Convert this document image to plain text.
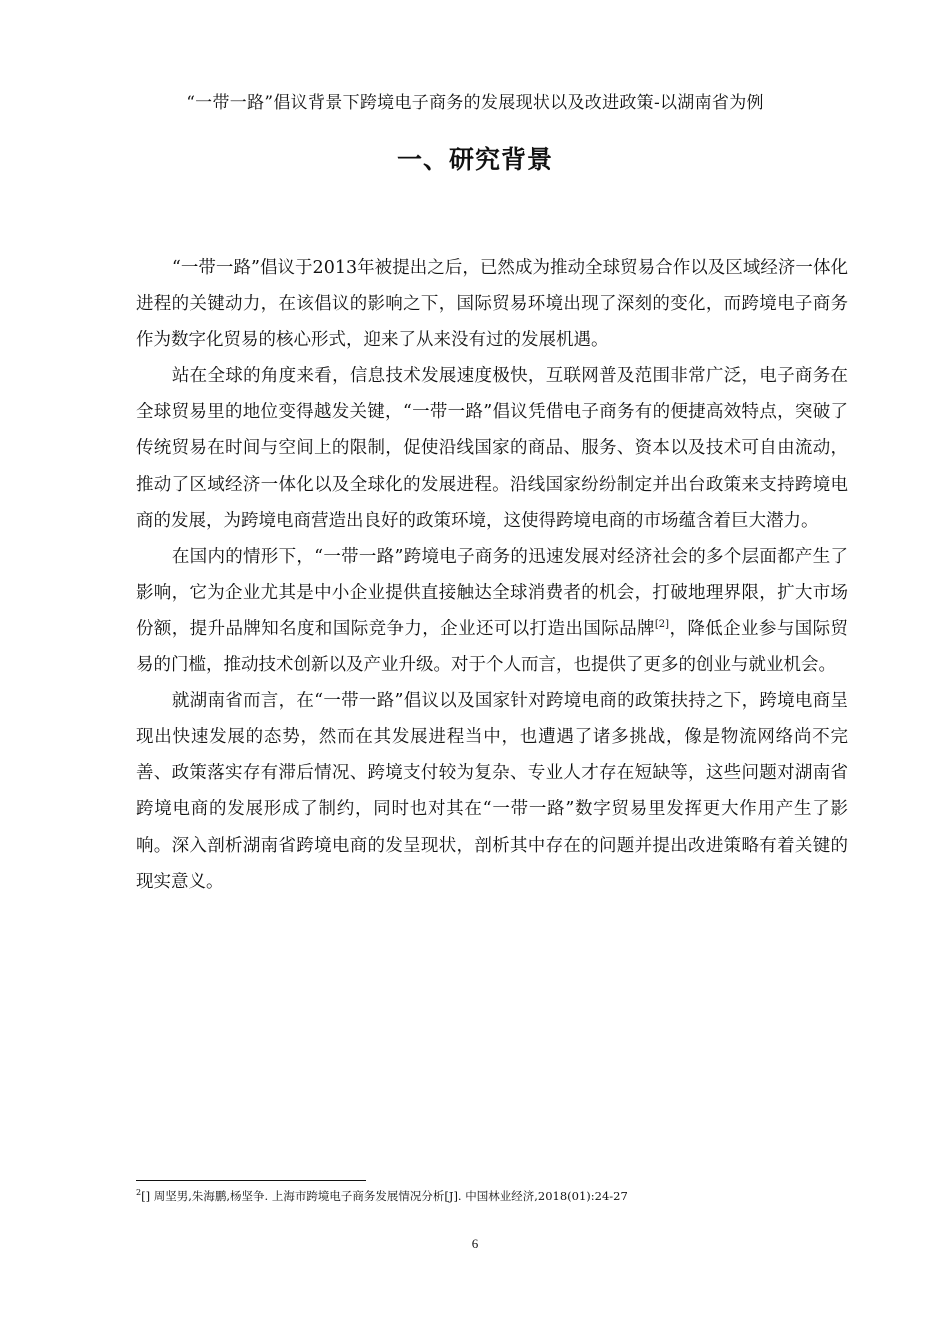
“一带一路”倡议背景下跨境电子商务的发展现状以及改进政策-以湖南省为例
一、研究背景

“一带一路”倡议于2013年被提出之后，已然成为推动全球贸易合作以及区域经济一体化进程的关键动力，在该倡议的影响之下，国际贸易环境出现了深刻的变化，而跨境电子商务作为数字化贸易的核心形式，迎来了从来没有过的发展机遇。

站在全球的角度来看，信息技术发展速度极快，互联网普及范围非常广泛，电子商务在全球贸易里的地位变得越发关键，“一带一路”倡议凭借电子商务有的便捷高效特点，突破了传统贸易在时间与空间上的限制，促使沿线国家的商品、服务、资本以及技术可自由流动，推动了区域经济一体化以及全球化的发展进程。沿线国家纷纷制定并出台政策来支持跨境电商的发展，为跨境电商营造出良好的政策环境，这使得跨境电商的市场蕴含着巨大潜力。

在国内的情形下，“一带一路”跨境电子商务的迅速发展对经济社会的多个层面都产生了影响，它为企业尤其是中小企业提供直接触达全球消费者的机会，打破地理界限，扩大市场份额，提升品牌知名度和国际竞争力，企业还可以打造出国际品牌[2]，降低企业参与国际贸易的门槛，推动技术创新以及产业升级。对于个人而言，也提供了更多的创业与就业机会。

就湖南省而言，在“一带一路”倡议以及国家针对跨境电商的政策扶持之下，跨境电商呈现出快速发展的态势，然而在其发展进程当中，也遭遇了诸多挑战，像是物流网络尚不完善、政策落实存有滞后情况、跨境支付较为复杂、专业人才存在短缺等，这些问题对湖南省跨境电商的发展形成了制约，同时也对其在“一带一路”数字贸易里发挥更大作用产生了影响。深入剖析湖南省跨境电商的发呈现状，剖析其中存在的问题并提出改进策略有着关键的现实意义。

$^2$[] 周坚男,朱海鹏,杨坚争. 上海市跨境电子商务发展情况分析[J]. 中国林业经济,2018(01):24-27
6
